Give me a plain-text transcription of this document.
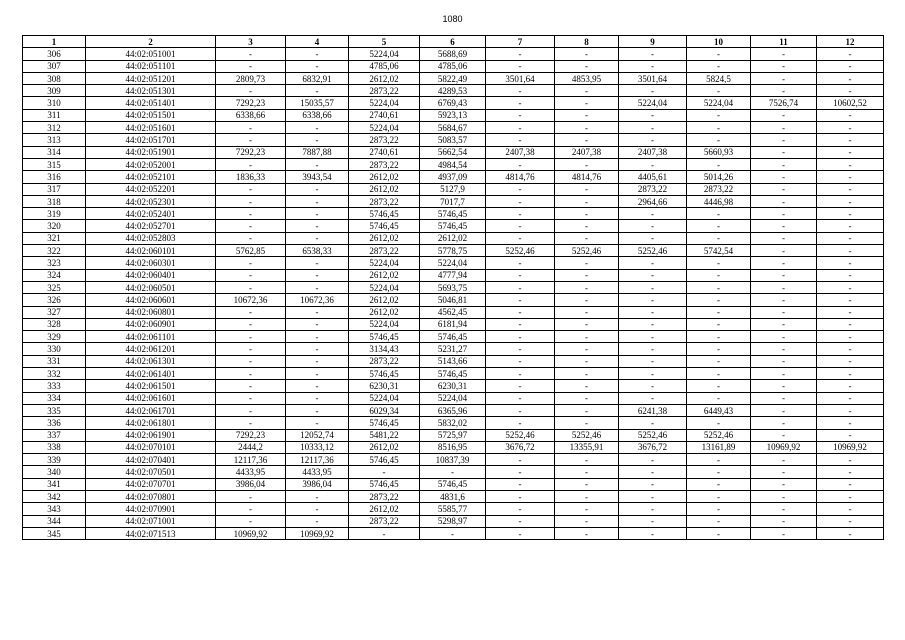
1080
1	2	3	4	5	6	7	8	9	10	11	12
306	44:02:051001	-	-	5224,04	5688,69	-	-	-	-	-	-
307	44:02:051101	-	-	4785,06	4785,06	-	-	-	-	-	-
308	44:02:051201	2809,73	6832,91	2612,02	5822,49	3501,64	4853,95	3501,64	5824,5	-	-
309	44:02:051301	-	-	2873,22	4289,53	-	-	-	-	-	-
310	44:02:051401	7292,23	15035,57	5224,04	6769,43	-	-	5224,04	5224,04	7526,74	10602,52
311	44:02:051501	6338,66	6338,66	2740,61	5923,13	-	-	-	-	-	-
312	44:02:051601	-	-	5224,04	5684,67	-	-	-	-	-	-
313	44:02:051701	-	-	2873,22	5083,57	-	-	-	-	-	-
314	44:02:051901	7292,23	7887,88	2740,61	5662,54	2407,38	2407,38	2407,38	5660,93	-	-
315	44:02:052001	-	-	2873,22	4984,54	-	-	-	-	-	-
316	44:02:052101	1836,33	3943,54	2612,02	4937,09	4814,76	4814,76	4405,61	5014,26	-	-
317	44:02:052201	-	-	2612,02	5127,9	-	-	2873,22	2873,22	-	-
318	44:02:052301	-	-	2873,22	7017,7	-	-	2964,66	4446,98	-	-
319	44:02:052401	-	-	5746,45	5746,45	-	-	-	-	-	-
320	44:02:052701	-	-	5746,45	5746,45	-	-	-	-	-	-
321	44:02:052803	-	-	2612,02	2612,02	-	-	-	-	-	-
322	44:02:060101	5762,85	6538,33	2873,22	5778,75	5252,46	5252,46	5252,46	5742,54	-	-
323	44:02:060301	-	-	5224,04	5224,04	-	-	-	-	-	-
324	44:02:060401	-	-	2612,02	4777,94	-	-	-	-	-	-
325	44:02:060501	-	-	5224,04	5693,75	-	-	-	-	-	-
326	44:02:060601	10672,36	10672,36	2612,02	5046,81	-	-	-	-	-	-
327	44:02:060801	-	-	2612,02	4562,45	-	-	-	-	-	-
328	44:02:060901	-	-	5224,04	6181,94	-	-	-	-	-	-
329	44:02:061101	-	-	5746,45	5746,45	-	-	-	-	-	-
330	44:02:061201	-	-	3134,43	5231,27	-	-	-	-	-	-
331	44:02:061301	-	-	2873,22	5143,66	-	-	-	-	-	-
332	44:02:061401	-	-	5746,45	5746,45	-	-	-	-	-	-
333	44:02:061501	-	-	6230,31	6230,31	-	-	-	-	-	-
334	44:02:061601	-	-	5224,04	5224,04	-	-	-	-	-	-
335	44:02:061701	-	-	6029,34	6365,96	-	-	6241,38	6449,43	-	-
336	44:02:061801	-	-	5746,45	5832,02	-	-	-	-	-	-
337	44:02:061901	7292,23	12052,74	5481,22	5725,97	5252,46	5252,46	5252,46	5252,46	-	-
338	44:02:070101	2444,2	10333,12	2612,02	8516,95	3676,72	13355,91	3676,72	13161,89	10969,92	10969,92
339	44:02:070401	12117,36	12117,36	5746,45	10837,39	-	-	-	-	-	-
340	44:02:070501	4433,95	4433,95	-	-	-	-	-	-	-	-
341	44:02:070701	3986,04	3986,04	5746,45	5746,45	-	-	-	-	-	-
342	44:02:070801	-	-	2873,22	4831,6	-	-	-	-	-	-
343	44:02:070901	-	-	2612,02	5585,77	-	-	-	-	-	-
344	44:02:071001	-	-	2873,22	5298,97	-	-	-	-	-	-
345	44:02:071513	10969,92	10969,92	-	-	-	-	-	-	-	-
